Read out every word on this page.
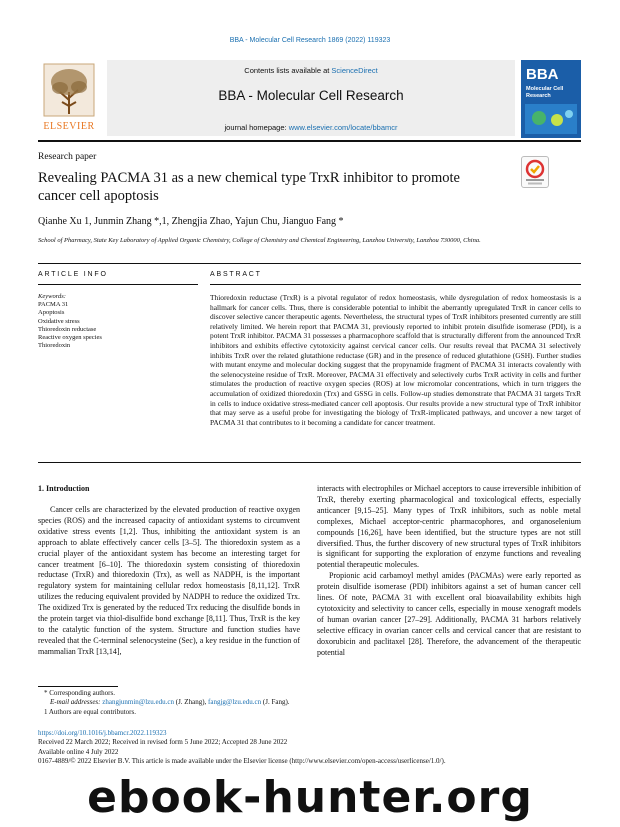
BBA - Molecular Cell Research 1869 (2022) 119323
ELSEVIER
Contents lists available at ScienceDirect
BBA - Molecular Cell Research
journal homepage: www.elsevier.com/locate/bbamcr
BBA
Molecular Cell Research
Research paper
Revealing PACMA 31 as a new chemical type TrxR inhibitor to promote cancer cell apoptosis
Qianhe Xu 1, Junmin Zhang *,1, Zhengjia Zhao, Yajun Chu, Jianguo Fang *
School of Pharmacy, State Key Laboratory of Applied Organic Chemistry, College of Chemistry and Chemical Engineering, Lanzhou University, Lanzhou 730000, China.
ARTICLE INFO
Keywords:
PACMA 31
Apoptosis
Oxidative stress
Thioredoxin reductase
Reactive oxygen species
Thioredoxin
ABSTRACT
Thioredoxin reductase (TrxR) is a pivotal regulator of redox homeostasis, while dysregulation of redox homeostasis is a hallmark for cancer cells. Thus, there is considerable potential to inhibit the aberrantly upregulated TrxR in cancer cells to discover selective cancer therapeutic agents. Nevertheless, the structural types of TrxR inhibitors presented currently are still relatively limited. We herein report that PACMA 31, previously reported to inhibit protein disulfide isomerase (PDI), is a potent TrxR inhibitor. PACMA 31 possesses a pharmacophore scaffold that is structurally different from the announced TrxR inhibitors and exhibits effective cytotoxicity against cervical cancer cells. Our results reveal that PACMA 31 selectively inhibits TrxR over the related glutathione reductase (GR) and in the presence of reduced glutathione (GSH). Further studies with mutant enzyme and molecular docking suggest that the propynamide fragment of PACMA 31 interacts covalently with the selenocysteine residue of TrxR. Moreover, PACMA 31 effectively and selectively curbs TrxR activity in cells and further stimulates the production of reactive oxygen species (ROS) at low micromolar concentrations, which in turn triggers the accumulation of oxidized thioredoxin (Trx) and GSSG in cells. Follow-up studies demonstrate that PACMA 31 targets TrxR in cells to induce oxidative stress-mediated cancer cell apoptosis. Our results provide a new structural type of TrxR inhibitor that may serve as a useful probe for investigating the biology of TrxR-implicated pathways, and uncover a new target of PACMA 31 that contributes to it becoming a candidate for cancer treatment.
1. Introduction
Cancer cells are characterized by the elevated production of reactive oxygen species (ROS) and the increased capacity of antioxidant systems to circumvent oxidative stress events [1,2]. Thus, inhibiting the antioxidant system is an approach to ablate effectively cancer cells [3–5]. The thioredoxin system as a crucial player of the antioxidant system has become an interesting target for cancer treatment [6–10]. The thioredoxin system consisting of thioredoxin reductase (TrxR) and thioredoxin (Trx), as well as NADPH, is the important regulatory system for maintaining cellular redox homeostasis [8,11,12]. TrxR utilizes the reducing equivalent provided by NADPH to reduce the oxidized Trx. The oxidized Trx is generated by the reduced Trx reducing the disulfide bonds in the protein target via thiol-disulfide bond exchange [8,11]. Thus, TrxR is the key to the catalytic function of the system. Structure and function studies have revealed that the C-terminal selenocysteine (Sec), a key residue in the function of mammalian TrxR [13,14],

interacts with electrophiles or Michael acceptors to cause irreversible inhibition of TrxR, thereby exerting pharmacological and toxicological effects, especially anticancer [9,15–25]. Many types of TrxR inhibitors, such as noble metal complexes, Michael acceptor-centric pharmacophores, and organoselenium compounds [16,26], have been identified, but the structure types are not still diversified. Thus, the further discovery of new structural types of TrxR inhibitors is significant for supporting the exploration of enzyme functions and revealing potential therapeutic molecules.

Propionic acid carbamoyl methyl amides (PACMAs) were early reported as protein disulfide isomerase (PDI) inhibitors against a set of human cancer cell lines. Of note, PACMA 31 with excellent oral bioavailability exhibits high cytotoxicity and selectivity to cancer cells, especially in mouse xenograft models of human ovarian cancer [27–29]. Additionally, PACMA 31 harbors relatively selective efficacy in ovarian cancer cells and cervical cancer that are resistant to doxorubicin and paclitaxel [28]. Therefore, the advancement of the therapeutic potential

* Corresponding authors.
E-mail addresses: zhangjunmin@lzu.edu.cn (J. Zhang), fangjg@lzu.edu.cn (J. Fang).
1 Authors are equal contributors.
https://doi.org/10.1016/j.bbamcr.2022.119323
Received 22 March 2022; Received in revised form 5 June 2022; Accepted 28 June 2022
Available online 4 July 2022
0167-4889/© 2022 Elsevier B.V. This article is made available under the Elsevier license (http://www.elsevier.com/open-access/userlicense/1.0/).
ebook-hunter.org
